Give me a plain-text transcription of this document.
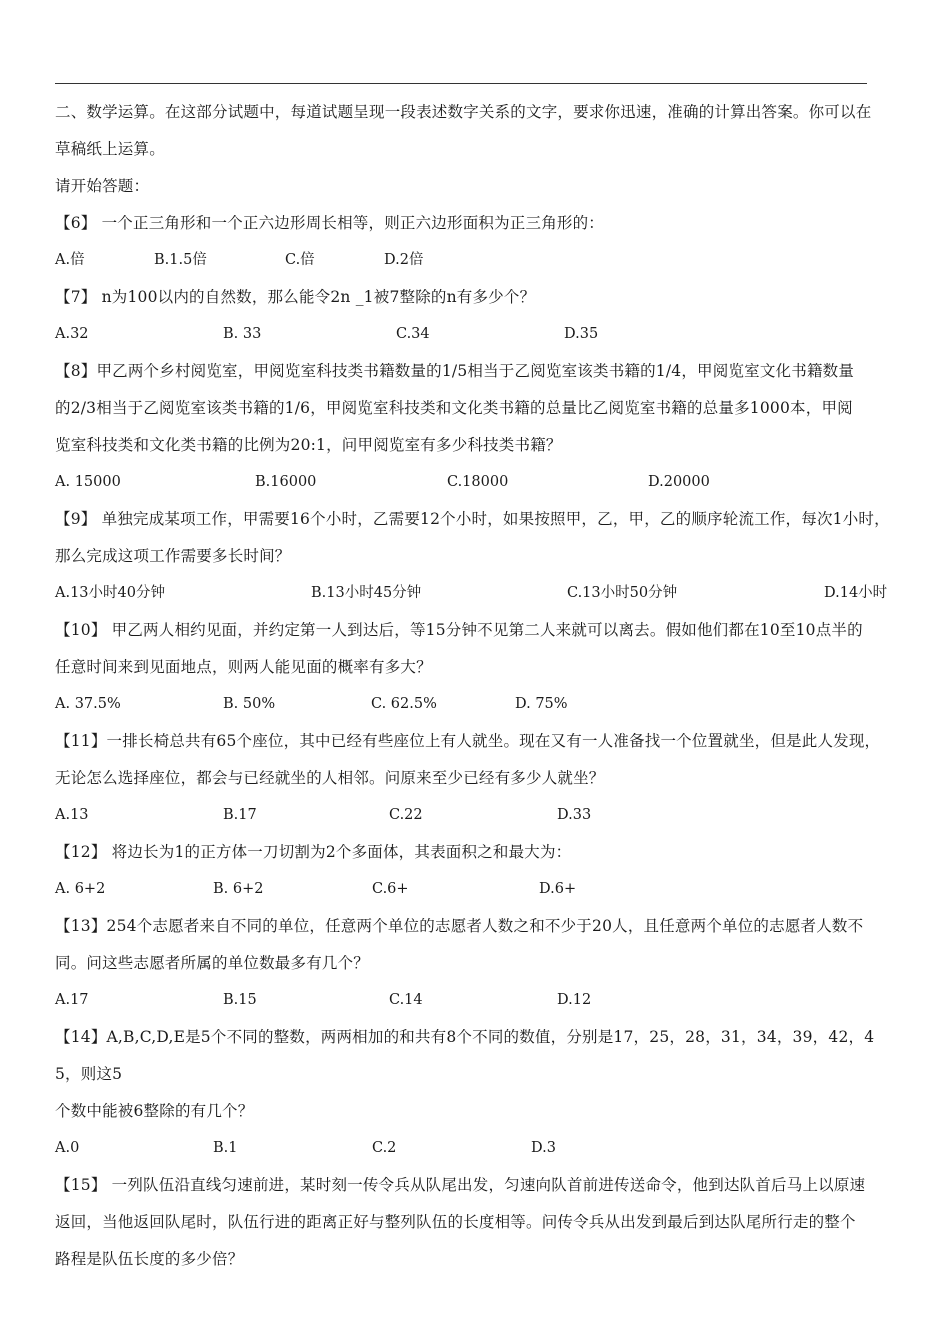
二、数学运算。在这部分试题中，每道试题呈现一段表述数字关系的文字，要求你迅速，准确的计算出答案。你可以在

草稿纸上运算。

请开始答题：

【6】 一个正三角形和一个正六边形周长相等，则正六边形面积为正三角形的：

A.倍	B.1.5倍	C.倍	D.2倍

【7】 n为100以内的自然数，那么能令2n _1被7整除的n有多少个？

A.32	B. 33	C.34	D.35

【8】甲乙两个乡村阅览室，甲阅览室科技类书籍数量的1/5相当于乙阅览室该类书籍的1/4，甲阅览室文化书籍数量

的2/3相当于乙阅览室该类书籍的1/6，甲阅览室科技类和文化类书籍的总量比乙阅览室书籍的总量多1000本，甲阅

览室科技类和文化类书籍的比例为20:1，问甲阅览室有多少科技类书籍？

A. 15000	B.16000	C.18000	D.20000

【9】 单独完成某项工作，甲需要16个小时，乙需要12个小时，如果按照甲，乙，甲，乙的顺序轮流工作，每次1小时，

那么完成这项工作需要多长时间？

A.13小时40分钟	B.13小时45分钟	C.13小时50分钟	D.14小时

【10】 甲乙两人相约见面，并约定第一人到达后，等15分钟不见第二人来就可以离去。假如他们都在10至10点半的

任意时间来到见面地点，则两人能见面的概率有多大？

A. 37.5%	B. 50%	C. 62.5%	D. 75%

【11】一排长椅总共有65个座位，其中已经有些座位上有人就坐。现在又有一人准备找一个位置就坐，但是此人发现，

无论怎么选择座位，都会与已经就坐的人相邻。问原来至少已经有多少人就坐？

A.13	B.17	C.22	D.33

【12】 将边长为1的正方体一刀切割为2个多面体，其表面积之和最大为：

A. 6+2	B. 6+2	C.6+	D.6+

【13】254个志愿者来自不同的单位，任意两个单位的志愿者人数之和不少于20人，且任意两个单位的志愿者人数不

同。问这些志愿者所属的单位数最多有几个？

A.17	B.15	C.14	D.12

【14】A,B,C,D,E是5个不同的整数，两两相加的和共有8个不同的数值，分别是17，25，28，31，34，39，42，45，则这5

个数中能被6整除的有几个？

A.0	B.1	C.2	D.3

【15】 一列队伍沿直线匀速前进，某时刻一传令兵从队尾出发，匀速向队首前进传送命令，他到达队首后马上以原速

返回，当他返回队尾时，队伍行进的距离正好与整列队伍的长度相等。问传令兵从出发到最后到达队尾所行走的整个

路程是队伍长度的多少倍？
